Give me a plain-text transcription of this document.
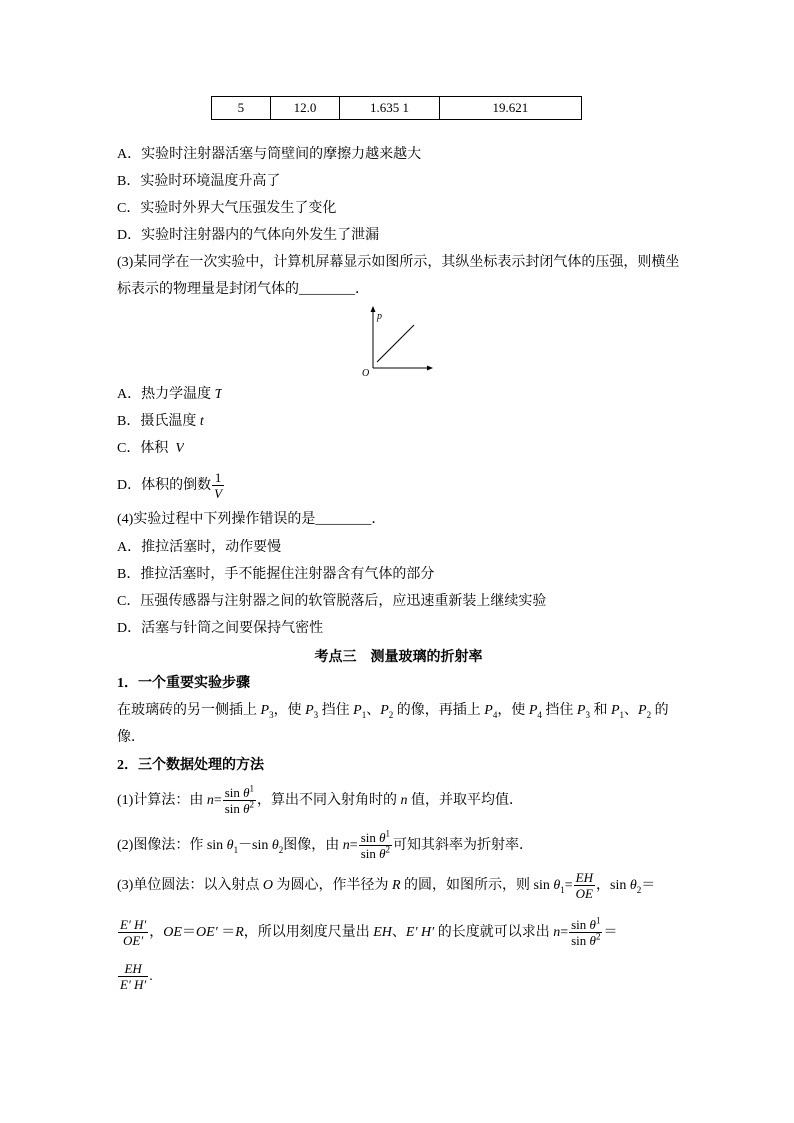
5	12.0	1.635 1	19.621
A．实验时注射器活塞与筒壁间的摩擦力越来越大
B．实验时环境温度升高了
C．实验时外界大气压强发生了变化
D．实验时注射器内的气体向外发生了泄漏
(3)某同学在一次实验中，计算机屏幕显示如图所示，其纵坐标表示封闭气体的压强，则横坐
标表示的物理量是封闭气体的________．
p
O
A．热力学温度 T
B．摄氏温度 t
C．体积  V
D．体积的倒数 $\frac{1}{V}$
(4)实验过程中下列操作错误的是________．
A．推拉活塞时，动作要慢
B．推拉活塞时，手不能握住注射器含有气体的部分
C．压强传感器与注射器之间的软管脱落后，应迅速重新装上继续实验
D．活塞与针筒之间要保持气密性
考点三　测量玻璃的折射率
1．一个重要实验步骤
在玻璃砖的另一侧插上 $P_3$，使 $P_3$ 挡住 $P_1$、$P_2$ 的像，再插上 $P_4$，使 $P_4$ 挡住 $P_3$ 和 $P_1$、$P_2$ 的
像．
2．三个数据处理的方法
(1)计算法：由 $n= \frac{\sin \theta^1}{\sin \theta^2}$ ，算出不同入射角时的 n 值，并取平均值．
(2)图像法：作 $\sin \theta_1-\sin$ $\theta_2$图像，由 $n= \frac{\sin \theta^1}{\sin \theta^2}$ 可知其斜率为折射率．
(3)单位圆法：以入射点 O 为圆心，作半径为 R 的圆，如图所示，则 $\sin \theta_1= \frac{EH}{OE}$ ，$\sin \theta_2=$
$\frac{E' H'}{OE'}$ ，OE＝OE′ ＝R，所以用刻度尺量出 EH、E′ H′ 的长度就可以求出 $n= \frac{\sin \theta^1}{\sin \theta^2}$ ＝
$\frac{EH}{E' H'}$ .
